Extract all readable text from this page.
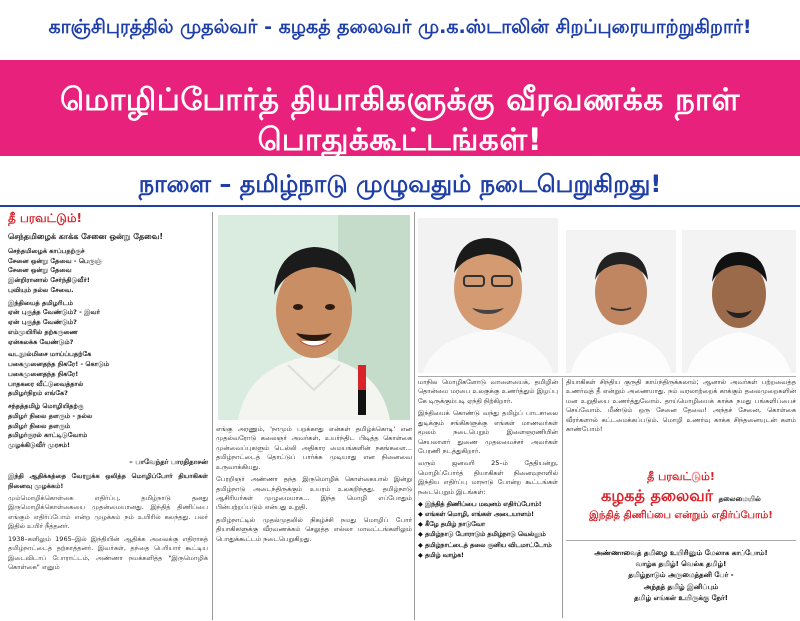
காஞ்சிபுரத்தில் முதல்வர் - கழகத் தலைவர் மு.க.ஸ்டாலின் சிறப்புரையாற்றுகிறார்!
மொழிப்போர்த் தியாகிகளுக்கு வீரவணக்க நாள் பொதுக்கூட்டங்கள்!
நாளை – தமிழ்நாடு முழுவதும் நடைபெறுகிறது!
தீ பரவட்டும்!
செந்தமிழைக் காக்க சேனை ஒன்று தேவை!
செந்தமிழைக் காப்பதற்குச்
சேனை ஒன்று தேவை - பெருஞ்
சேனை ஒன்று தேவை
இன்றிரானால் சேர்ந்திடுவீர்!
புவியும் நல்ல சேவை.

இந்தியைத் தமிழரிடம்
ஏன் புகுத்த வேண்டும்? - இவர்
ஏன் புகுத்த வேண்டும்?
எம்முயிரில் தற்கருணை
ஏன்கலக்க வேண்டும்?

வடநூல்மிசை மாய்ப்பதற்கே
பகைமுனைதந்த நிகரே! - கொடும்
பகைமுனைதந்த நிகரே!
பாதகரை வீட்டுவைத்தால்
தமிழர்நிறம் எங்கே?

சந்தத்தமிழ் மொழியிதற்கு
தமிழர் நிலை தளரும் - நல்ல
தமிழர் நிலை தளரும்
தமிழர்குரல் காட்டிடுவோம்
முழக்கிடுவீர் முரசம்!
– பாவேந்தர் பாரதிதாசன்
இந்தி ஆதிக்கத்தை வேரறுக்க ஒலித்த மொழிப்போர் தியாகிகள் நினைவு முழக்கம்!
மும்மொழிக்கொள்கை எதிர்ப்பு, தமிழ்நாடு தனது இருமொழிக்கொள்கையை முதன்மையானது. இந்தித் திணிப்பை எங்கும் எதிர்ப்போம் என்ற முழக்கம் நம் உயிரில் கலந்தது. பலர் இதில் உயிர் நீத்தனர்.
1938–களிலும் 1965–இல் இந்தியின் ஆதிக்க அலைக்கு எதிராகத் தமிழ்நாட்டைத் தற்காத்தனர். இவர்கள், தந்தை பெரியார் கூட்டிய இடைவிடாப் போராட்டம், அண்ணா நமக்களித்த "இருமொழிக் கொள்கை" எனும்
எங்கு அரணும், 'நாமும் பறக்காது என்கள் தமிழ்க்கொடி' என முதல்வரோடு கலைஞர் அவர்கள், உயர்ந்திட பிடித்த கொள்கை முன்வைப்புகளும் டெல்லி அதிகார மையங்களின் நகங்களை... தமிழ்நாட்டைத் தொட்டுப் பார்க்க முடியாது என நினைவை உருவாக்கியது.
பேரறிஞர் அண்ணா தந்த இருமொழிக் கொள்கையால் இன்று தமிழ்நாடு அடைந்திருக்கும் உயரம் உலகறிந்தது. தமிழ்நாடு ஆசிரியர்கள் முழுமையாக... இந்த மொழி எப்போதும் பின்பற்றப்படும் என்பது உறுதி.
தமிழ்நாட்டில் முதல்முதலில் நிகழ்ச்சி நமது மொழிப் போர் தியாகிகளுக்கு வீரவணக்கம் செலுத்த எல்லா மாவட்டங்களிலும் பொதுக்கூட்டம் நடைபெறுகிறது.
மாநில மொழிகளோடு வாளையைக், தமிழின் தொன்மை மரபை உலகுக்கு உணர்த்தும் இழப்பு கே டிருக்கும்படி ஏந்தி நிற்கிறார்.
இந்தியைக் கொண்டு வந்து தமிழ்ப் பாடசாலை துடிக்கும் சங்கிகளுக்கு எங்கள் மாணவர்கள் மூலம் நடைபெறும் இளைஞரணியின் செயலாளர் துணை முதலமைச்சர் அவர்கள் பேரணி நடத்துகிறார்.
வரும் ஜனவரி 25–ம் தேதியன்று, மொழிப்போர்த் தியாகிகள் நினைவுநாளில் இந்திய எதிர்ப்பு மாநாடு போன்ற கூட்டங்கள் நடைபெறும் இடங்கள்:
◆ இந்தித் திணிப்பை மவுனம் எதிர்ப்போம்!
◆ எங்கள் மொழி, எங்கள் அடையாளம்!
◆ கீழே தமிழ் நாடுவோ
◆ தமிழ்நாடு போராடும் தமிழ்நாடு வெல்லும்
◆ தமிழ்நாட்டைத் தலை குனிய விடமாட்டோம்
◆ தமிழ் வாழ்க!
தியாகிகள் சிந்திய குருதி காய்ந்திருக்கலாம்; ஆனால் அவர்கள் பற்றவைத்த உணர்வுத் தீ என்றும் அணையாது. நம் வரலாற்றைக் காக்கும் தலைமுறைகளின் மன உறுதியை உணர்த்துவோம். தாய்மொழியைக் காக்க நமது பங்களிப்பைச் செய்வோம். மீண்டும் ஒரு சேனை தேவை! அந்தச் சேனை, கொள்கை வீரர்களால் கட்டமைக்கப்படும். மொழி உணர்வு காக்க சிந்தனையுடன் களம் காண்போம்!
தீ பரவட்டும்!
கழகத் தலைவர் தலைமையில்
இந்தித் திணிப்பை என்றும் எதிர்ப்போம்!
அண்ணாவைத் தமிழை உயிரினும் மேலாக காப்போம்!
வாழ்க தமிழ்! வெல்க தமிழ்!
தமிழ்நாடும் அருமைத்தனி பேர் -
அந்தத் தமிழ் இனிப்பும்
தமிழ் எங்கள் உயிருக்கு நேர்!
